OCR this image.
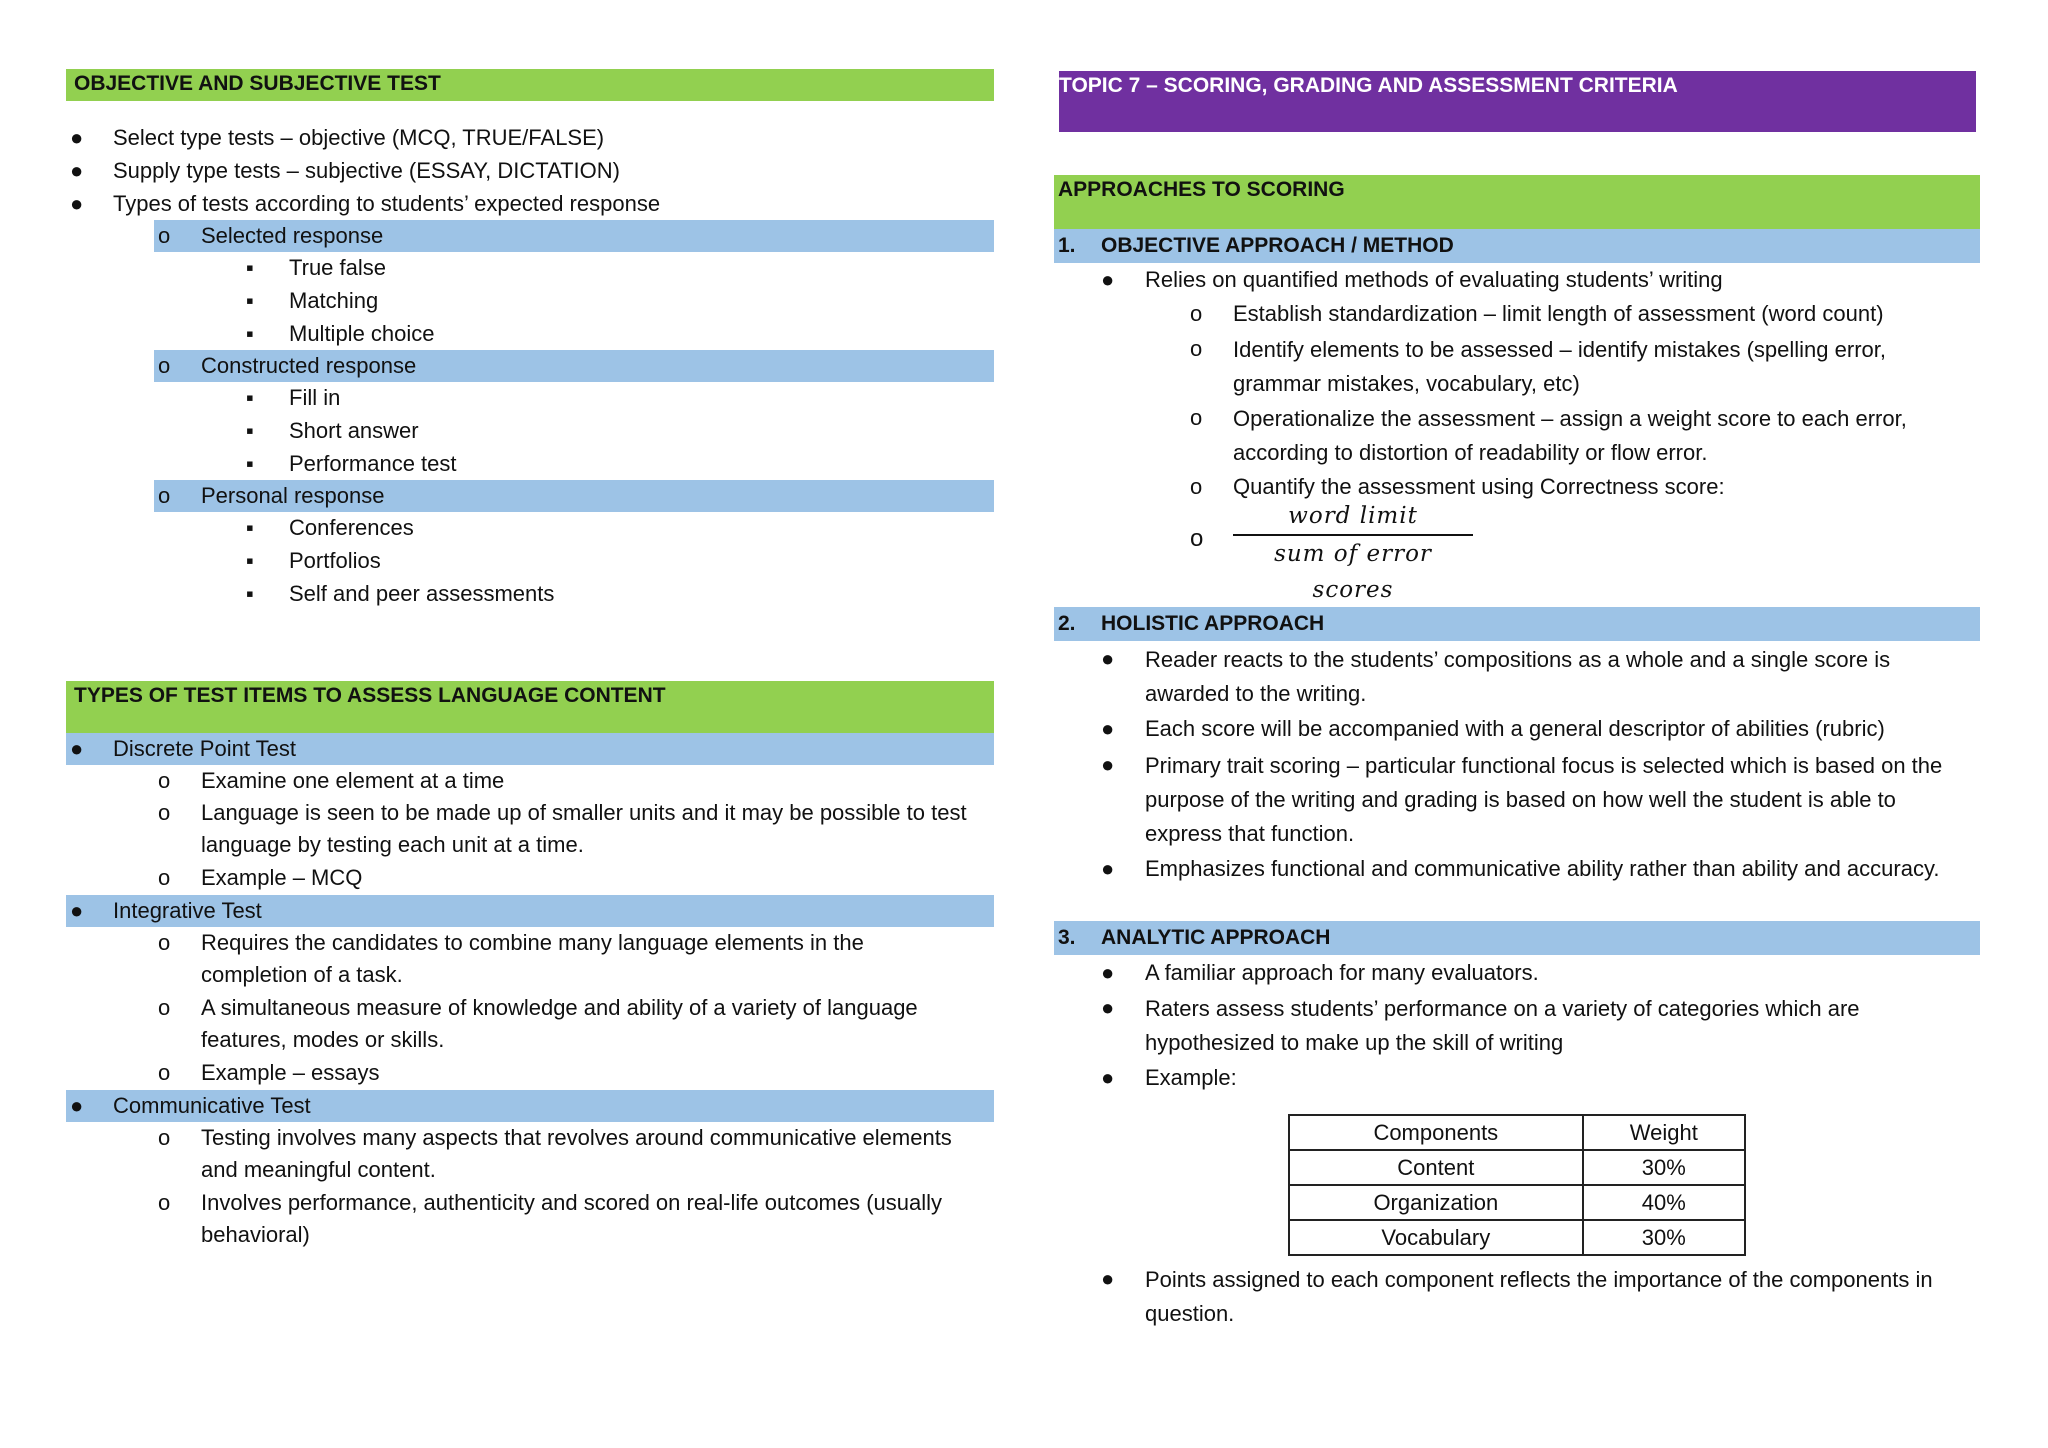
OBJECTIVE AND SUBJECTIVE TEST
● Select type tests – objective (MCQ, TRUE/FALSE)
● Supply type tests – subjective (ESSAY, DICTATION)
● Types of tests according to students’ expected response
o Selected response
▪ True false
▪ Matching
▪ Multiple choice
o Constructed response
▪ Fill in
▪ Short answer
▪ Performance test
o Personal response
▪ Conferences
▪ Portfolios
▪ Self and peer assessments
TYPES OF TEST ITEMS TO ASSESS LANGUAGE CONTENT
● Discrete Point Test
o Examine one element at a time
o Language is seen to be made up of smaller units and it may be possible to test language by testing each unit at a time.
o Example – MCQ
● Integrative Test
o Requires the candidates to combine many language elements in the completion of a task.
o A simultaneous measure of knowledge and ability of a variety of language features, modes or skills.
o Example – essays
● Communicative Test
o Testing involves many aspects that revolves around communicative elements and meaningful content.
o Involves performance, authenticity and scored on real-life outcomes (usually behavioral)
TOPIC 7 – SCORING, GRADING AND ASSESSMENT CRITERIA
APPROACHES TO SCORING
1. OBJECTIVE APPROACH / METHOD
● Relies on quantified methods of evaluating students’ writing
o Establish standardization – limit length of assessment (word count)
o Identify elements to be assessed – identify mistakes (spelling error, grammar mistakes, vocabulary, etc)
o Operationalize the assessment – assign a weight score to each error, according to distortion of readability or flow error.
o Quantify the assessment using Correctness score:
o
word limit
sum of error scores
2. HOLISTIC APPROACH
● Reader reacts to the students’ compositions as a whole and a single score is awarded to the writing.
● Each score will be accompanied with a general descriptor of abilities (rubric)
● Primary trait scoring – particular functional focus is selected which is based on the purpose of the writing and grading is based on how well the student is able to express that function.
● Emphasizes functional and communicative ability rather than ability and accuracy.
3. ANALYTIC APPROACH
● A familiar approach for many evaluators.
● Raters assess students’ performance on a variety of categories which are hypothesized to make up the skill of writing
● Example:
Components	Weight
Content	30%
Organization	40%
Vocabulary	30%
● Points assigned to each component reflects the importance of the components in question.
